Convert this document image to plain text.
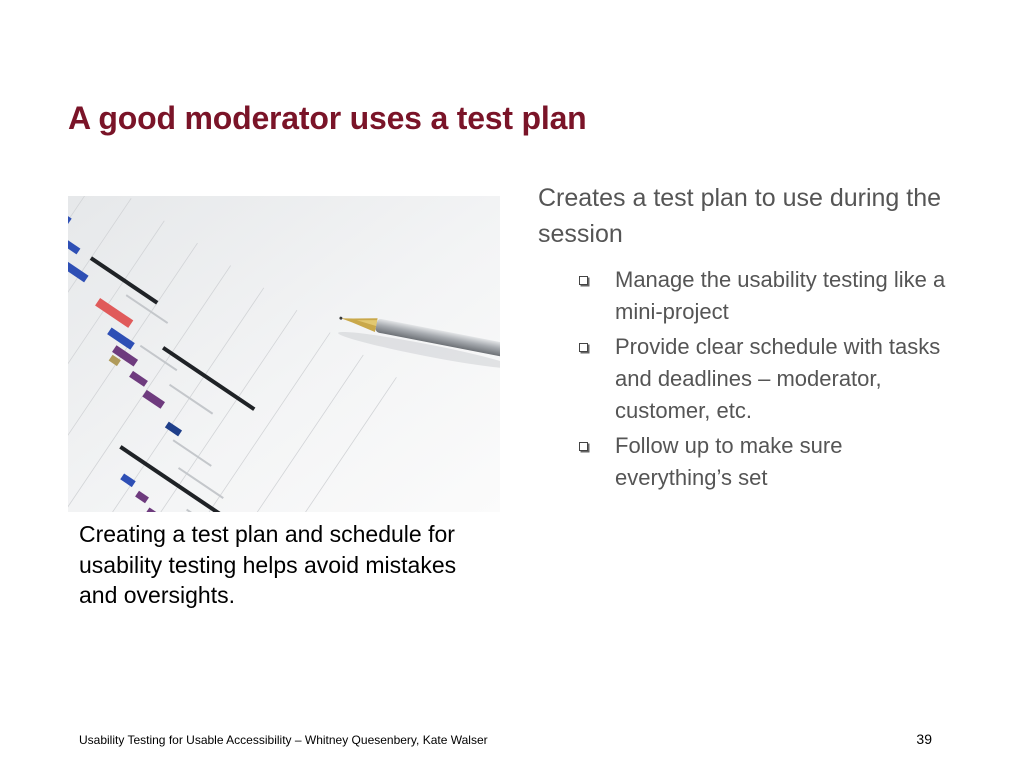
A good moderator uses a test plan

Creating a test plan and schedule for usability testing helps avoid mistakes and oversights.

Creates a test plan to use during the session

Manage the usability testing like a mini-project
Provide clear schedule with tasks and deadlines – moderator, customer, etc.
Follow up to make sure everything’s set

Usability Testing for Usable Accessibility – Whitney Quesenbery, Kate Walser	39
